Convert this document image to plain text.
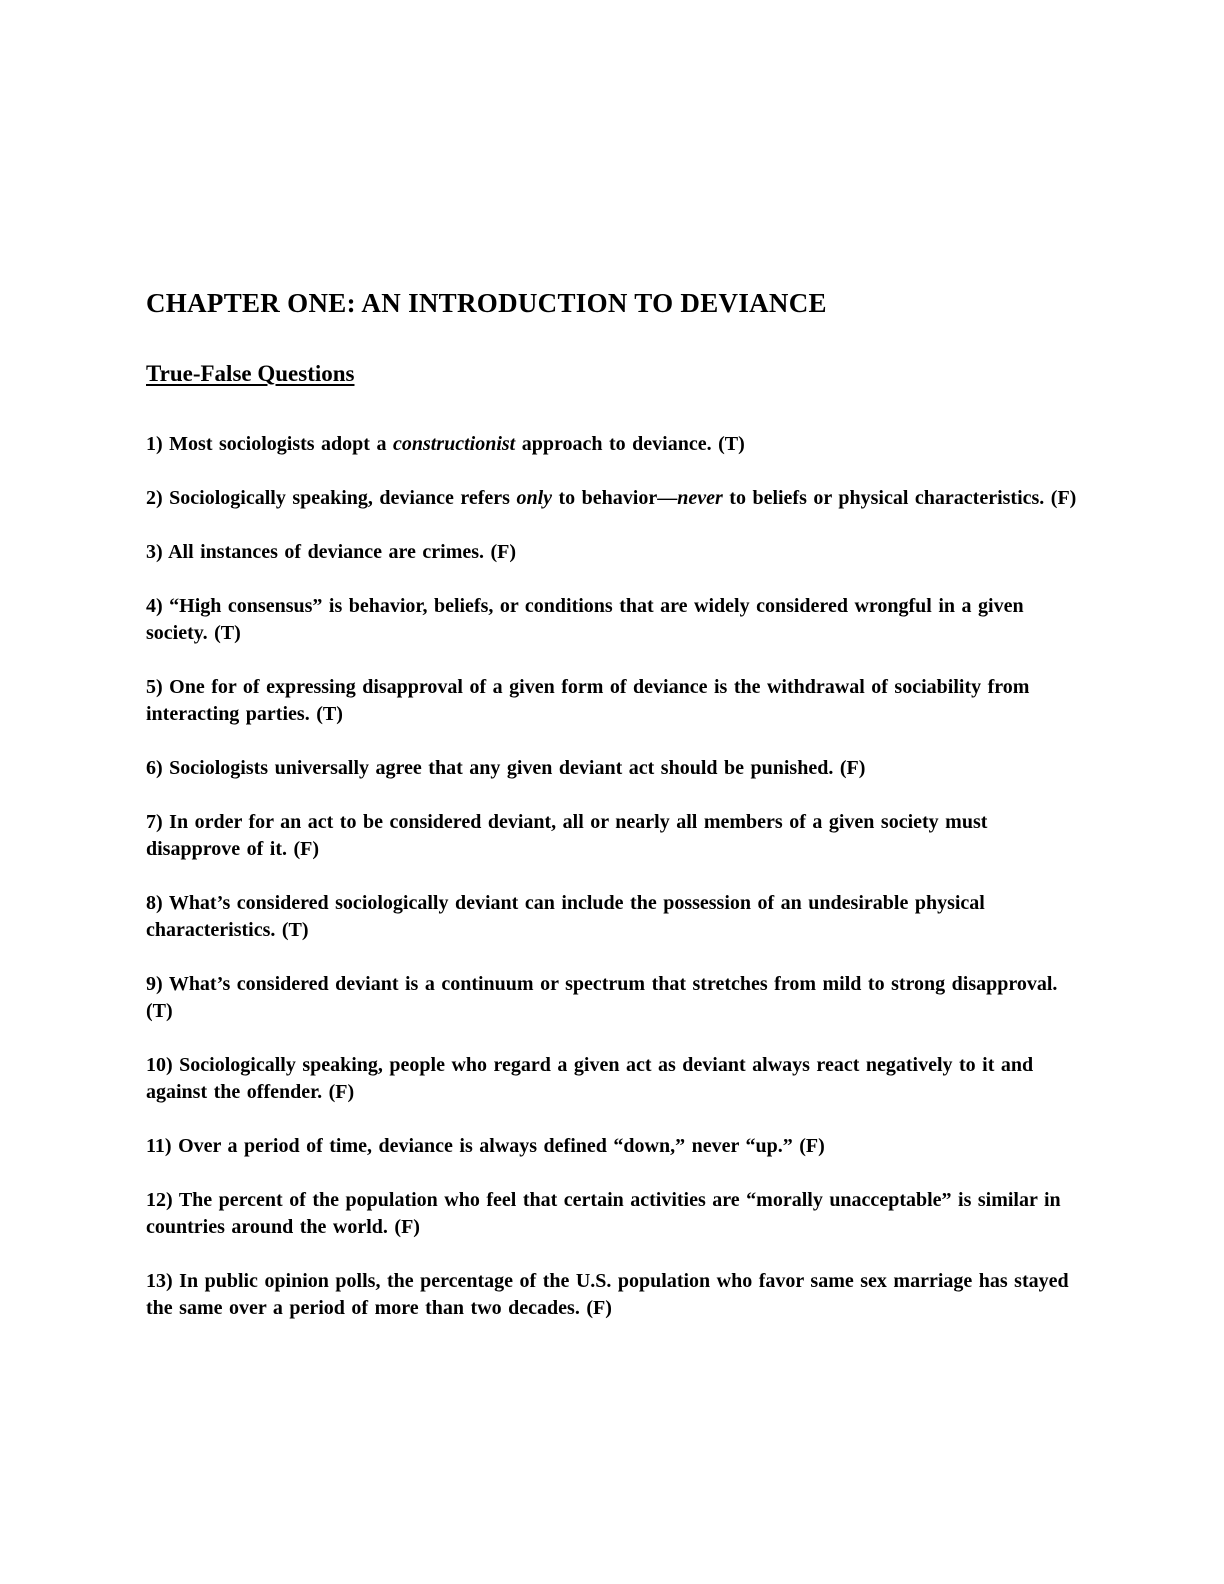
CHAPTER ONE: AN INTRODUCTION TO DEVIANCE
True-False Questions

1) Most sociologists adopt a constructionist approach to deviance. (T)

2) Sociologically speaking, deviance refers only to behavior—never to beliefs or physical characteristics. (F)

3) All instances of deviance are crimes. (F)

4) “High consensus” is behavior, beliefs, or conditions that are widely considered wrongful in a given society. (T)

5) One for of expressing disapproval of a given form of deviance is the withdrawal of sociability from interacting parties. (T)

6) Sociologists universally agree that any given deviant act should be punished. (F)

7) In order for an act to be considered deviant, all or nearly all members of a given society must disapprove of it. (F)

8) What’s considered sociologically deviant can include the possession of an undesirable physical characteristics. (T)

9) What’s considered deviant is a continuum or spectrum that stretches from mild to strong disapproval. (T)

10) Sociologically speaking, people who regard a given act as deviant always react negatively to it and against the offender. (F)

11) Over a period of time, deviance is always defined “down,” never “up.” (F)

12) The percent of the population who feel that certain activities are “morally unacceptable” is similar in countries around the world. (F)

13) In public opinion polls, the percentage of the U.S. population who favor same sex marriage has stayed the same over a period of more than two decades. (F)
